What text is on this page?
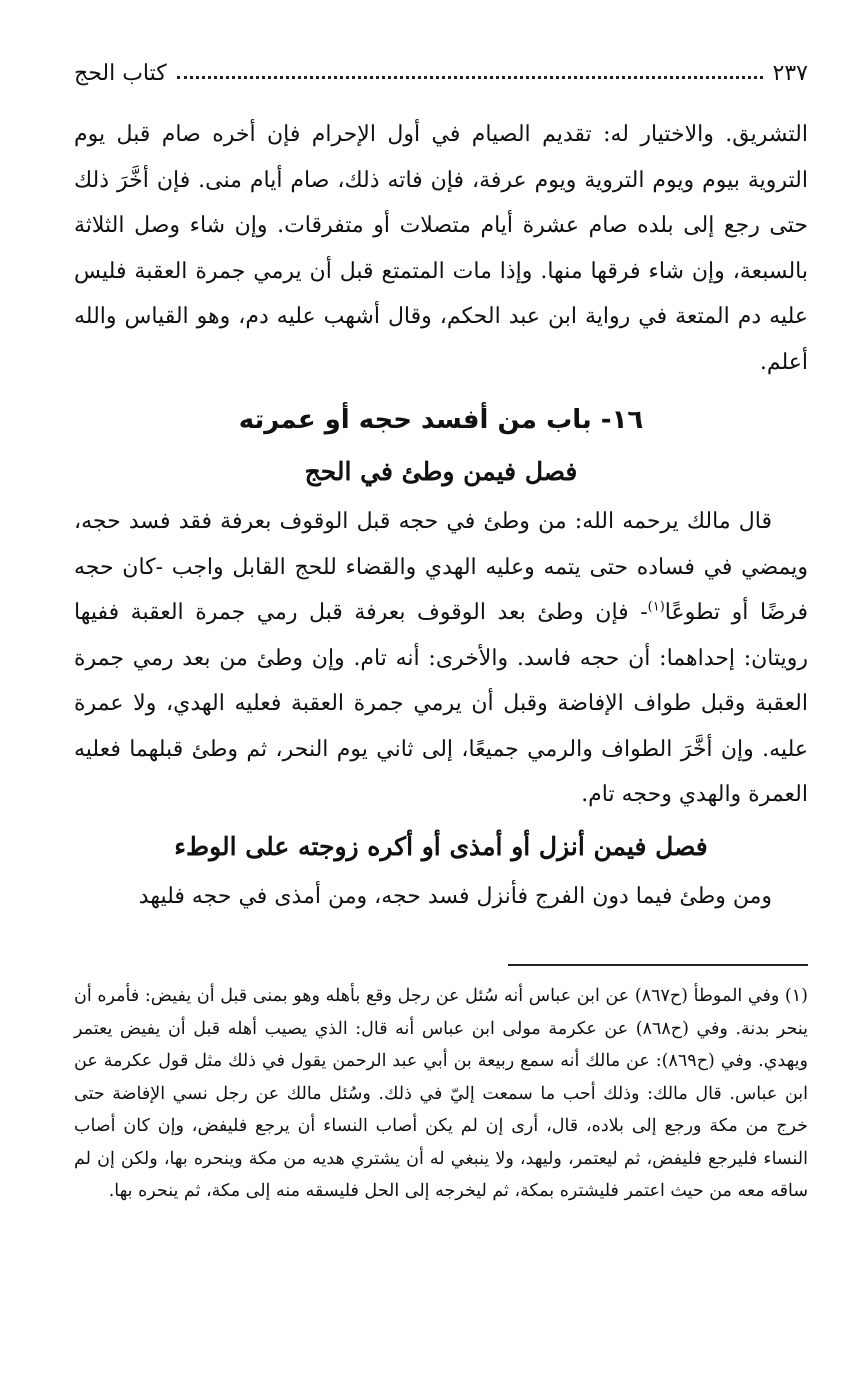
٢٣٧
كتاب الحج

التشريق. والاختيار له: تقديم الصيام في أول الإحرام فإن أخره صام قبل يوم التروية بيوم ويوم التروية ويوم عرفة، فإن فاته ذلك، صام أيام منى. فإن أخَّرَ ذلك حتى رجع إلى بلده صام عشرة أيام متصلات أو متفرقات. وإن شاء وصل الثلاثة بالسبعة، وإن شاء فرقها منها. وإذا مات المتمتع قبل أن يرمي جمرة العقبة فليس عليه دم المتعة في رواية ابن عبد الحكم، وقال أشهب عليه دم، وهو القياس والله أعلم.

١٦- باب من أفسد حجه أو عمرته
فصل فيمن وطئ في الحج

قال مالك يرحمه الله: من وطئ في حجه قبل الوقوف بعرفة فقد فسد حجه، ويمضي في فساده حتى يتمه وعليه الهدي والقضاء للحج القابل واجب -كان حجه فرضًا أو تطوعًا$^{(١)}$- فإن وطئ بعد الوقوف بعرفة قبل رمي جمرة العقبة ففيها رويتان: إحداهما: أن حجه فاسد. والأخرى: أنه تام. وإن وطئ من بعد رمي جمرة العقبة وقبل طواف الإفاضة وقبل أن يرمي جمرة العقبة فعليه الهدي، ولا عمرة عليه. وإن أخَّرَ الطواف والرمي جميعًا، إلى ثاني يوم النحر، ثم وطئ قبلهما فعليه العمرة والهدي وحجه تام.

فصل فيمن أنزل أو أمذى أو أكره زوجته على الوطء

ومن وطئ فيما دون الفرج فأنزل فسد حجه، ومن أمذى في حجه فليهد

(١) وفي الموطأ (ح٨٦٧) عن ابن عباس أنه سُئل عن رجل وقع بأهله وهو بمنى قبل أن يفيض: فأمره أن ينحر بدنة. وفي (ح٨٦٨) عن عكرمة مولى ابن عباس أنه قال: الذي يصيب أهله قبل أن يفيض يعتمر ويهدي. وفي (ح٨٦٩): عن مالك أنه سمع ربيعة بن أبي عبد الرحمن يقول في ذلك مثل قول عكرمة عن ابن عباس. قال مالك: وذلك أحب ما سمعت إليّ في ذلك. وسُئل مالك عن رجل نسي الإفاضة حتى خرج من مكة ورجع إلى بلاده، قال، أرى إن لم يكن أصاب النساء أن يرجع فليفض، وإن كان أصاب النساء فليرجع فليفض، ثم ليعتمر، وليهد، ولا ينبغي له أن يشتري هديه من مكة وينحره بها، ولكن إن لم ساقه معه من حيث اعتمر فليشتره بمكة، ثم ليخرجه إلى الحل فليسقه منه إلى مكة، ثم ينحره بها.
